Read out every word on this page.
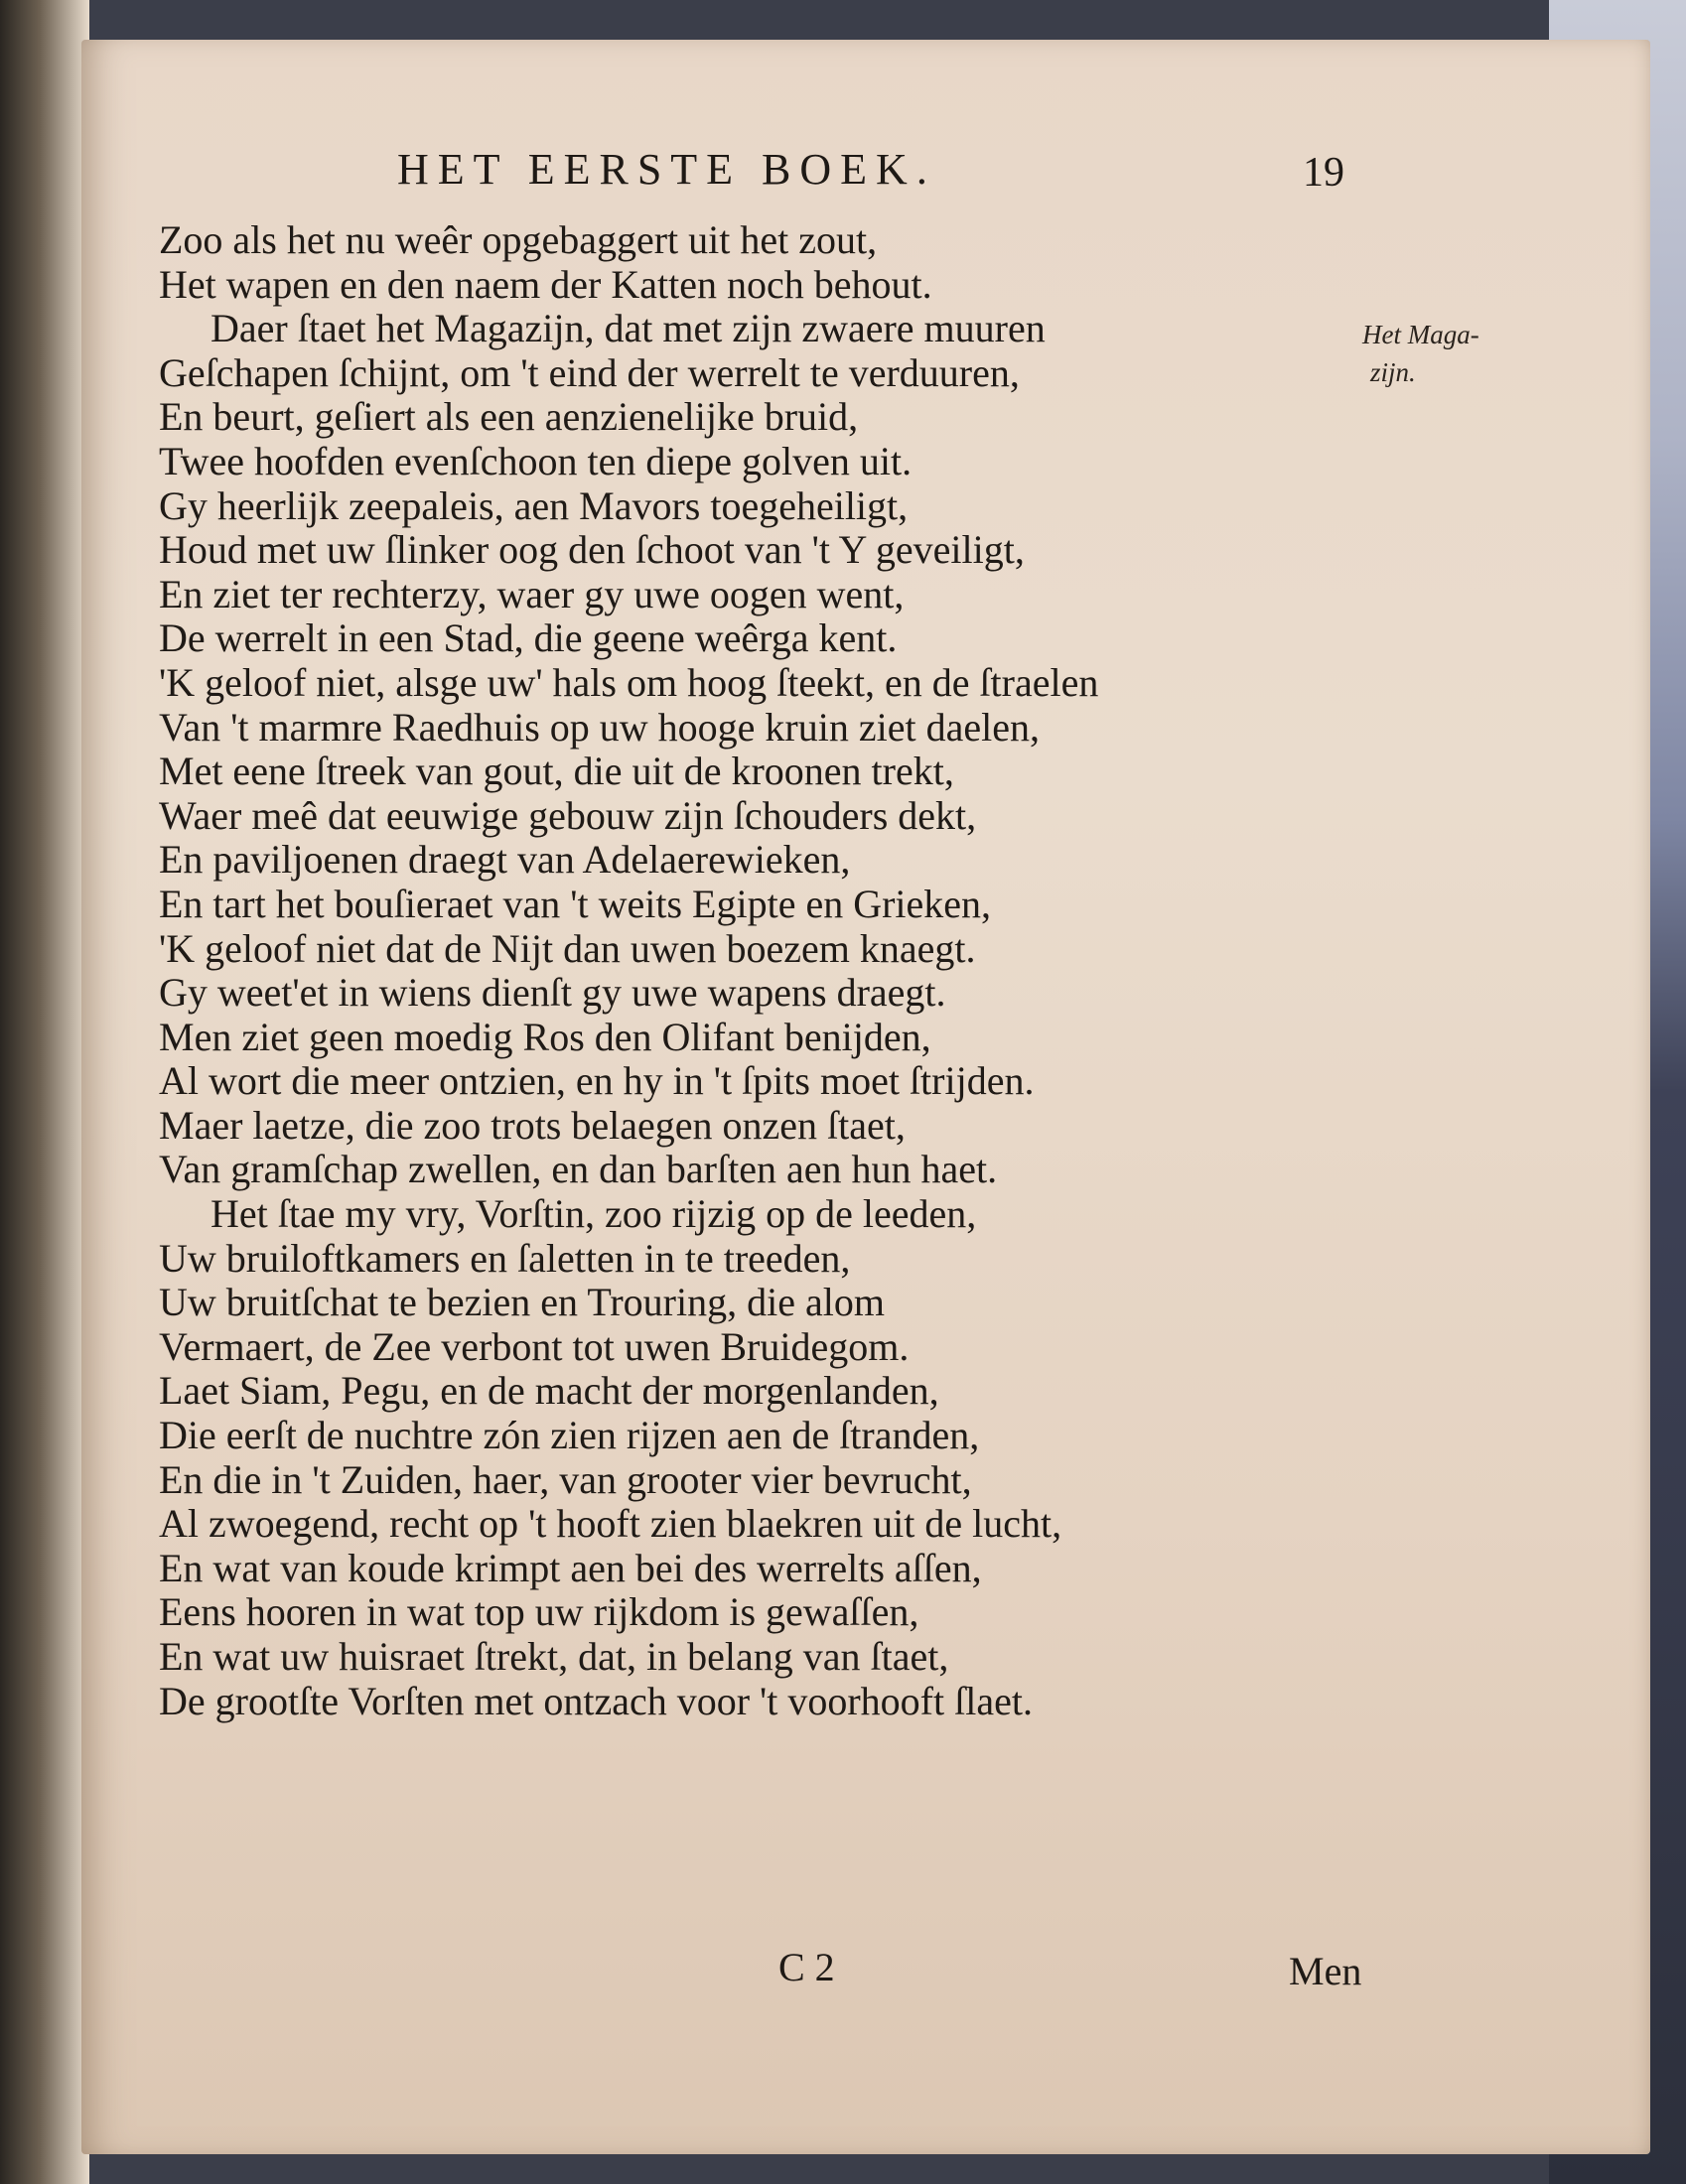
HET EERSTE BOEK.	19
Het Maga-
zijn.
Zoo als het nu weêr opgebaggert uit het zout,
Het wapen en den naem der Katten noch behout.
Daer ſtaet het Magazijn, dat met zijn zwaere muuren
Geſchapen ſchijnt, om 't eind der werrelt te verduuren,
En beurt, geſiert als een aenzienelijke bruid,
Twee hoofden evenſchoon ten diepe golven uit.
Gy heerlijk zeepaleis, aen Mavors toegeheiligt,
Houd met uw ſlinker oog den ſchoot van 't Y geveiligt,
En ziet ter rechterzy, waer gy uwe oogen went,
De werrelt in een Stad, die geene weêrga kent.
'K geloof niet, alsge uw' hals om hoog ſteekt, en de ſtraelen
Van 't marmre Raedhuis op uw hooge kruin ziet daelen,
Met eene ſtreek van gout, die uit de kroonen trekt,
Waer meê dat eeuwige gebouw zijn ſchouders dekt,
En paviljoenen draegt van Adelaerewieken,
En tart het bouſieraet van 't weits Egipte en Grieken,
'K geloof niet dat de Nijt dan uwen boezem knaegt.
Gy weet'et in wiens dienſt gy uwe wapens draegt.
Men ziet geen moedig Ros den Olifant benijden,
Al wort die meer ontzien, en hy in 't ſpits moet ſtrijden.
Maer laetze, die zoo trots belaegen onzen ſtaet,
Van gramſchap zwellen, en dan barſten aen hun haet.
Het ſtae my vry, Vorſtin, zoo rijzig op de leeden,
Uw bruiloftkamers en ſaletten in te treeden,
Uw bruitſchat te bezien en Trouring, die alom
Vermaert, de Zee verbont tot uwen Bruidegom.
Laet Siam, Pegu, en de macht der morgenlanden,
Die eerſt de nuchtre zón zien rijzen aen de ſtranden,
En die in 't Zuiden, haer, van grooter vier bevrucht,
Al zwoegend, recht op 't hooft zien blaekren uit de lucht,
En wat van koude krimpt aen bei des werrelts aſſen,
Eens hooren in wat top uw rijkdom is gewaſſen,
En wat uw huisraet ſtrekt, dat, in belang van ſtaet,
De grootſte Vorſten met ontzach voor 't voorhooft ſlaet.
C 2	Men
